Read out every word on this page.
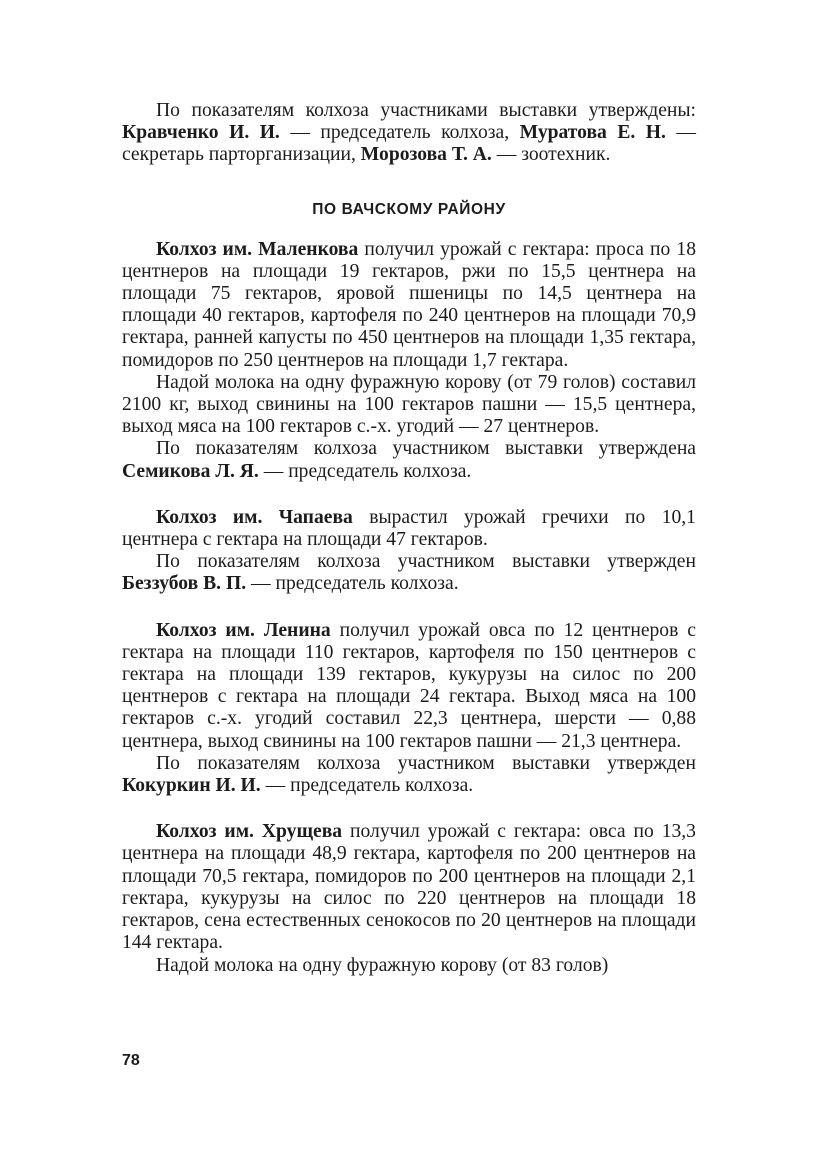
По показателям колхоза участниками выставки утверждены: Кравченко И. И. — председатель колхоза, Муратова Е. Н. — секретарь парторганизации, Морозова Т. А. — зоотехник.

ПО ВАЧСКОМУ РАЙОНУ

Колхоз им. Маленкова получил урожай с гектара: проса по 18 центнеров на площади 19 гектаров, ржи по 15,5 центнера на площади 75 гектаров, яровой пшеницы по 14,5 центнера на площади 40 гектаров, картофеля по 240 центнеров на площади 70,9 гектара, ранней капусты по 450 центнеров на площади 1,35 гектара, помидоров по 250 центнеров на площади 1,7 гектара.

Надой молока на одну фуражную корову (от 79 голов) составил 2100 кг, выход свинины на 100 гектаров пашни — 15,5 центнера, выход мяса на 100 гектаров с.-х. угодий — 27 центнеров.

По показателям колхоза участником выставки утверждена Семикова Л. Я. — председатель колхоза.

Колхоз им. Чапаева вырастил урожай гречихи по 10,1 центнера с гектара на площади 47 гектаров.

По показателям колхоза участником выставки утвержден Беззубов В. П. — председатель колхоза.

Колхоз им. Ленина получил урожай овса по 12 центнеров с гектара на площади 110 гектаров, картофеля по 150 центнеров с гектара на площади 139 гектаров, кукурузы на силос по 200 центнеров с гектара на площади 24 гектара. Выход мяса на 100 гектаров с.-х. угодий составил 22,3 центнера, шерсти — 0,88 центнера, выход свинины на 100 гектаров пашни — 21,3 центнера.

По показателям колхоза участником выставки утвержден Кокуркин И. И. — председатель колхоза.

Колхоз им. Хрущева получил урожай с гектара: овса по 13,3 центнера на площади 48,9 гектара, картофеля по 200 центнеров на площади 70,5 гектара, помидоров по 200 центнеров на площади 2,1 гектара, кукурузы на силос по 220 центнеров на площади 18 гектаров, сена естественных сенокосов по 20 центнеров на площади 144 гектара.

Надой молока на одну фуражную корову (от 83 голов)

78
